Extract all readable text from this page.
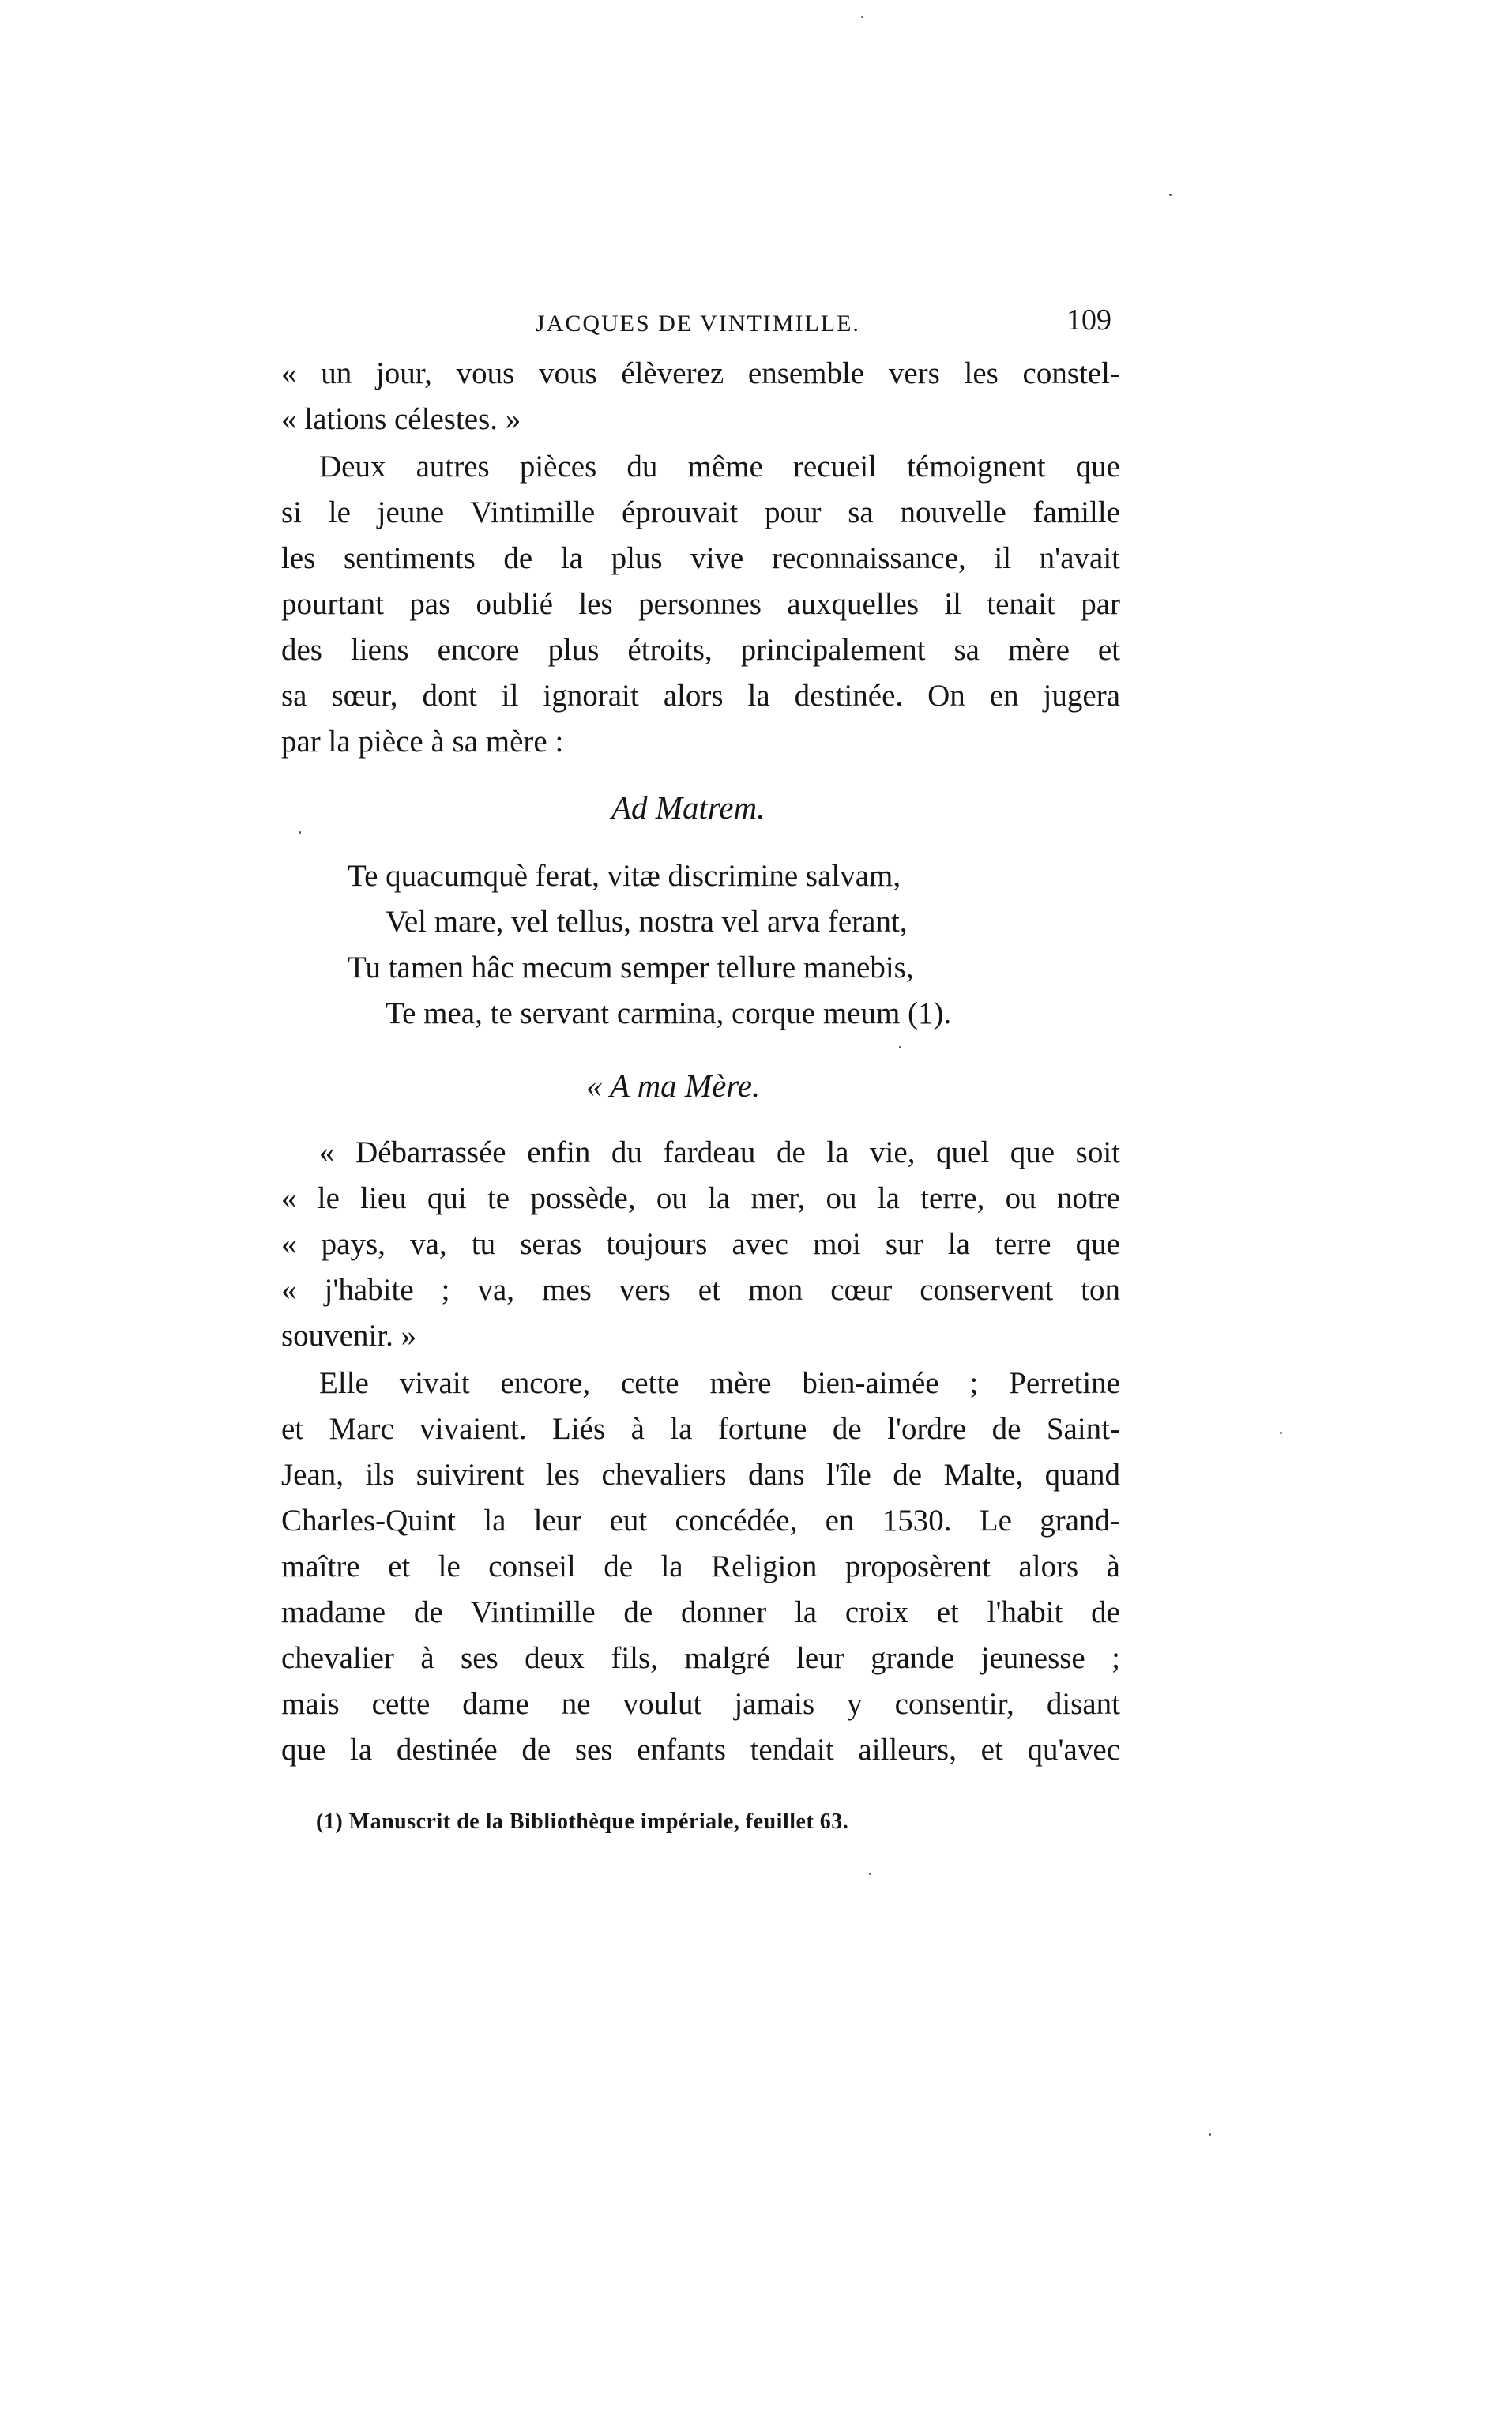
JACQUES DE VINTIMILLE.	109
« un jour, vous vous élèverez ensemble vers les constel-
« lations célestes. »
Deux autres pièces du même recueil témoignent que
si le jeune Vintimille éprouvait pour sa nouvelle famille
les sentiments de la plus vive reconnaissance, il n'avait
pourtant pas oublié les personnes auxquelles il tenait par
des liens encore plus étroits, principalement sa mère et
sa sœur, dont il ignorait alors la destinée. On en jugera
par la pièce à sa mère :
Ad Matrem.
Te quacumquè ferat, vitæ discrimine salvam,
Vel mare, vel tellus, nostra vel arva ferant,
Tu tamen hâc mecum semper tellure manebis,
Te mea, te servant carmina, corque meum (1).
« A ma Mère.
« Débarrassée enfin du fardeau de la vie, quel que soit
« le lieu qui te possède, ou la mer, ou la terre, ou notre
« pays, va, tu seras toujours avec moi sur la terre que
« j'habite ; va, mes vers et mon cœur conservent ton
souvenir. »
Elle vivait encore, cette mère bien-aimée ; Perretine
et Marc vivaient. Liés à la fortune de l'ordre de Saint-
Jean, ils suivirent les chevaliers dans l'île de Malte, quand
Charles-Quint la leur eut concédée, en 1530. Le grand-
maître et le conseil de la Religion proposèrent alors à
madame de Vintimille de donner la croix et l'habit de
chevalier à ses deux fils, malgré leur grande jeunesse ;
mais cette dame ne voulut jamais y consentir, disant
que la destinée de ses enfants tendait ailleurs, et qu'avec
(1) Manuscrit de la Bibliothèque impériale, feuillet 63.
